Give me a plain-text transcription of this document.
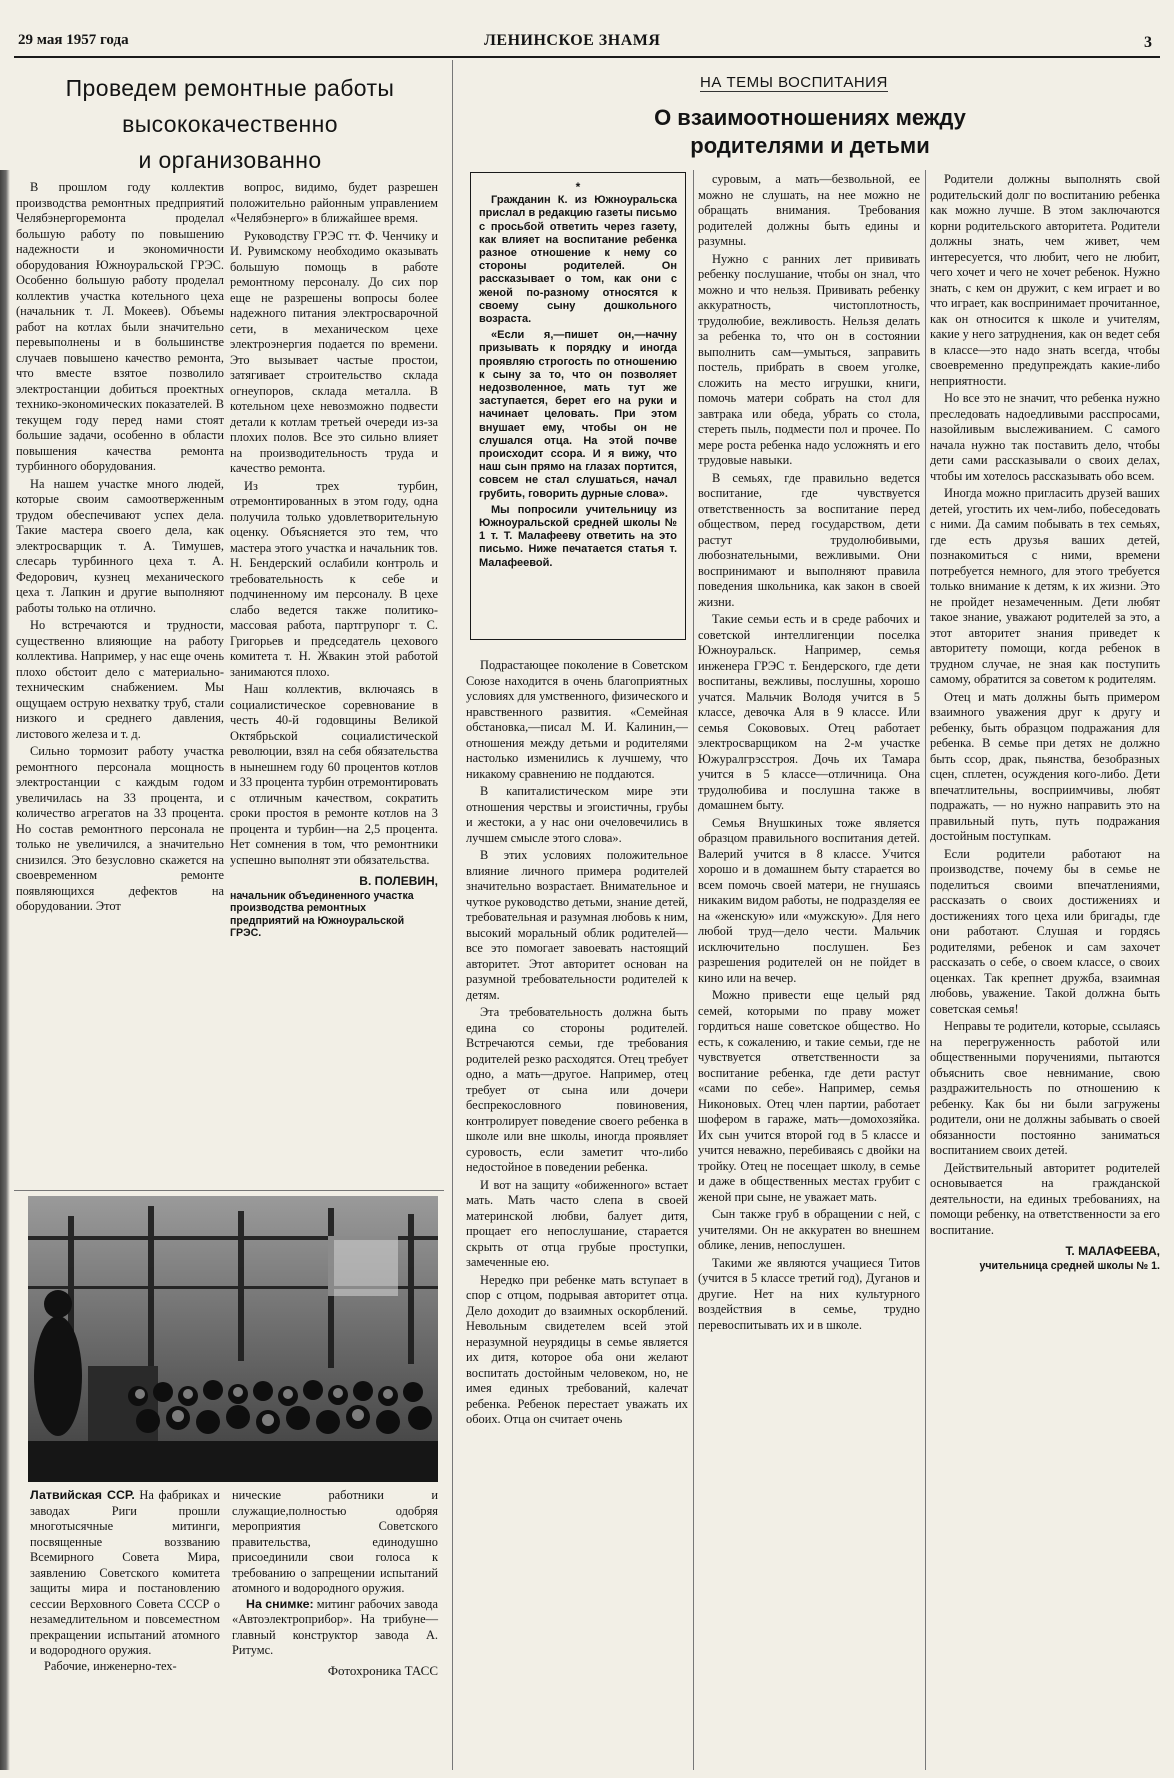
29 мая 1957 года	ЛЕНИНСКОЕ ЗНАМЯ	3
Проведем ремонтные работы
высококачественно
и организованно

В прошлом году коллектив производства ремонтных предприятий Челябэнергоремонта проделал большую работу по повышению надежности и экономичности оборудования Южноуральской ГРЭС. Особенно большую работу проделал коллектив участка котельного цеха (начальник т. Л. Мокеев). Объемы работ на котлах были значительно перевыполнены и в большинстве случаев повышено качество ремонта, что вместе взятое позволило электростанции добиться проектных технико-экономических показателей. В текущем году перед нами стоят большие задачи, особенно в области повышения качества ремонта турбинного оборудования.

На нашем участке много людей, которые своим самоотверженным трудом обеспечивают успех дела. Такие мастера своего дела, как электросварщик т. А. Тимушев, слесарь турбинного цеха т. А. Федорович, кузнец механического цеха т. Лапкин и другие выполняют работы только на отлично.

Но встречаются и трудности, существенно влияющие на работу коллектива. Например, у нас еще очень плохо обстоит дело с материально-техническим снабжением. Мы ощущаем острую нехватку труб, стали низкого и среднего давления, листового железа и т. д.

Сильно тормозит работу участка ремонтного персонала мощность электростанции с каждым годом увеличилась на 33 процента, и количество агрегатов на 33 процента. Но состав ремонтного персонала не только не увеличился, а значительно снизился. Это безусловно скажется на своевременном ремонте появляющихся дефектов на оборудовании. Этот

вопрос, видимо, будет разрешен положительно районным управлением «Челябэнерго» в ближайшее время.

Руководству ГРЭС тт. Ф. Ченчику и И. Рувимскому необходимо оказывать большую помощь в работе ремонтному персоналу. До сих пор еще не разрешены вопросы более надежного питания электросварочной сети, в механическом цехе электроэнергия подается по времени. Это вызывает частые простои, затягивает строительство склада огнеупоров, склада металла. В котельном цехе невозможно подвести детали к котлам третьей очереди из-за плохих полов. Все это сильно влияет на производительность труда и качество ремонта.

Из трех турбин, отремонтированных в этом году, одна получила только удовлетворительную оценку. Объясняется это тем, что мастера этого участка и начальник тов. Н. Бендерский ослабили контроль и требовательность к себе и подчиненному им персоналу. В цехе слабо ведется также политико-массовая работа, партгрупорг т. С. Григорьев и председатель цехового комитета т. Н. Жвакин этой работой занимаются плохо.

Наш коллектив, включаясь в социалистическое соревнование в честь 40-й годовщины Великой Октябрьской социалистической революции, взял на себя обязательства в нынешнем году 60 процентов котлов и 33 процента турбин отремонтировать с отличным качеством, сократить сроки простоя в ремонте котлов на 3 процента и турбин—на 2,5 процента. Нет сомнения в том, что ремонтники успешно выполнят эти обязательства.

В. ПОЛЕВИН,
начальник объединенного участка производства ремонтных предприятий на Южноуральской ГРЭС.
Латвийская ССР. На фабриках и заводах Риги прошли многотысячные митинги, посвященные воззванию Всемирного Совета Мира, заявлению Советского комитета защиты мира и постановлению сессии Верховного Совета СССР о незамедлительном и повсеместном прекращении испытаний атомного и водородного оружия.
Рабочие, инженерно-тех-
нические работники и служащие,полностью одобряя мероприятия Советского правительства, единодушно присоединили свои голоса к требованию о запрещении испытаний атомного и водородного оружия.
На снимке: митинг рабочих завода «Автоэлектроприбор». На трибуне—главный конструктор завода А. Ритумс.
Фотохроника ТАСС
НА ТЕМЫ ВОСПИТАНИЯ
О взаимоотношениях между
родителями и детьми
*

Гражданин К. из Южноуральска прислал в редакцию газеты письмо с просьбой ответить через газету, как влияет на воспитание ребенка разное отношение к нему со стороны родителей. Он рассказывает о том, как они с женой по-разному относятся к своему сыну дошкольного возраста.

«Если я,—пишет он,—начну призывать к порядку и иногда проявляю строгость по отношению к сыну за то, что он позволяет недозволенное, мать тут же заступается, берет его на руки и начинает целовать. При этом внушает ему, чтобы он не слушался отца. На этой почве происходит ссора. И я вижу, что наш сын прямо на глазах портится, совсем не стал слушаться, начал грубить, говорить дурные слова».

Мы попросили учительницу из Южноуральской средней школы № 1 т. Т. Малафееву ответить на это письмо. Ниже печатается статья т. Малафеевой.

Подрастающее поколение в Советском Союзе находится в очень благоприятных условиях для умственного, физического и нравственного развития. «Семейная обстановка,—писал М. И. Калинин,—отношения между детьми и родителями настолько изменились к лучшему, что никакому сравнению не поддаются.

В капиталистическом мире эти отношения черствы и эгоистичны, грубы и жестоки, а у нас они очеловечились в лучшем смысле этого слова».

В этих условиях положительное влияние личного примера родителей значительно возрастает. Внимательное и чуткое руководство детьми, знание детей, требовательная и разумная любовь к ним, высокий моральный облик родителей—все это помогает завоевать настоящий авторитет. Этот авторитет основан на разумной требовательности родителей к детям.

Эта требовательность должна быть едина со стороны родителей. Встречаются семьи, где требования родителей резко расходятся. Отец требует одно, а мать—другое. Например, отец требует от сына или дочери беспрекословного повиновения, контролирует поведение своего ребенка в школе или вне школы, иногда проявляет суровость, если заметит что-либо недостойное в поведении ребенка.

И вот на защиту «обиженного» встает мать. Мать часто слепа в своей материнской любви, балует дитя, прощает его непослушание, старается скрыть от отца грубые проступки, замеченные ею.

Нередко при ребенке мать вступает в спор с отцом, подрывая авторитет отца. Дело доходит до взаимных оскорблений. Невольным свидетелем всей этой неразумной неурядицы в семье является их дитя, которое оба они желают воспитать достойным человеком, но, не имея единых требований, калечат ребенка. Ребенок перестает уважать их обоих. Отца он считает очень

суровым, а мать—безвольной, ее можно не слушать, на нее можно не обращать внимания. Требования родителей должны быть едины и разумны.

Нужно с ранних лет прививать ребенку послушание, чтобы он знал, что можно и что нельзя. Прививать ребенку аккуратность, чистоплотность, трудолюбие, вежливость. Нельзя делать за ребенка то, что он в состоянии выполнить сам—умыться, заправить постель, прибрать в своем уголке, сложить на место игрушки, книги, помочь матери собрать на стол для завтрака или обеда, убрать со стола, стереть пыль, подмести пол и прочее. По мере роста ребенка надо усложнять и его трудовые навыки.

В семьях, где правильно ведется воспитание, где чувствуется ответственность за воспитание перед обществом, перед государством, дети растут трудолюбивыми, любознательными, вежливыми. Они воспринимают и выполняют правила поведения школьника, как закон в своей жизни.

Такие семьи есть и в среде рабочих и советской интеллигенции поселка Южноуральск. Например, семья инженера ГРЭС т. Бендерского, где дети воспитаны, вежливы, послушны, хорошо учатся. Мальчик Володя учится в 5 классе, девочка Аля в 9 классе. Или семья Сокововых. Отец работает электросварщиком на 2-м участке Южуралгрэсстроя. Дочь их Тамара учится в 5 классе—отличница. Она трудолюбива и послушна также в домашнем быту.

Семья Внушкиных тоже является образцом правильного воспитания детей. Валерий учится в 8 классе. Учится хорошо и в домашнем быту старается во всем помочь своей матери, не гнушаясь никаким видом работы, не подразделяя ее на «женскую» или «мужскую». Для него любой труд—дело чести. Мальчик исключительно послушен. Без разрешения родителей он не пойдет в кино или на вечер.

Можно привести еще целый ряд семей, которыми по праву может гордиться наше советское общество. Но есть, к сожалению, и такие семьи, где не чувствуется ответственности за воспитание ребенка, где дети растут «сами по себе». Например, семья Никоновых. Отец член партии, работает шофером в гараже, мать—домохозяйка. Их сын учится второй год в 5 классе и учится неважно, перебиваясь с двойки на тройку. Отец не посещает школу, в семье и даже в общественных местах грубит с женой при сыне, не уважает мать.

Сын также груб в обращении с ней, с учителями. Он не аккуратен во внешнем облике, ленив, непослушен.

Такими же являются учащиеся Титов (учится в 5 классе третий год), Дуганов и другие. Нет на них культурного воздействия в семье, трудно перевоспитывать их и в школе.

Родители должны выполнять свой родительский долг по воспитанию ребенка как можно лучше. В этом заключаются корни родительского авторитета. Родители должны знать, чем живет, чем интересуется, что любит, чего не любит, чего хочет и чего не хочет ребенок. Нужно знать, с кем он дружит, с кем играет и во что играет, как воспринимает прочитанное, как он относится к школе и учителям, какие у него затруднения, как он ведет себя в классе—это надо знать всегда, чтобы своевременно предупреждать какие-либо неприятности.

Но все это не значит, что ребенка нужно преследовать надоедливыми расспросами, назойливым выслеживанием. С самого начала нужно так поставить дело, чтобы дети сами рассказывали о своих делах, чтобы им хотелось рассказывать обо всем.

Иногда можно пригласить друзей ваших детей, угостить их чем-либо, побеседовать с ними. Да самим побывать в тех семьях, где есть друзья ваших детей, познакомиться с ними, времени потребуется немного, для этого требуется только внимание к детям, к их жизни. Это не пройдет незамеченным. Дети любят такое знание, уважают родителей за это, а этот авторитет знания приведет к авторитету помощи, когда ребенок в трудном случае, не зная как поступить самому, обратится за советом к родителям.

Отец и мать должны быть примером взаимного уважения друг к другу и ребенку, быть образцом подражания для ребенка. В семье при детях не должно быть ссор, драк, пьянства, безобразных сцен, сплетен, осуждения кого-либо. Дети впечатлительны, восприимчивы, любят подражать, — но нужно направить это на правильный путь, путь подражания достойным поступкам.

Если родители работают на производстве, почему бы в семье не поделиться своими впечатлениями, рассказать о своих достижениях и достижениях того цеха или бригады, где они работают. Слушая и гордясь родителями, ребенок и сам захочет рассказать о себе, о своем классе, о своих оценках. Так крепнет дружба, взаимная любовь, уважение. Такой должна быть советская семья!

Неправы те родители, которые, ссылаясь на перегруженность работой или общественными поручениями, пытаются объяснить свое невнимание, свою раздражительность по отношению к ребенку. Как бы ни были загружены родители, они не должны забывать о своей обязанности постоянно заниматься воспитанием своих детей.

Действительный авторитет родителей основывается на гражданской деятельности, на единых требованиях, на помощи ребенку, на ответственности за его воспитание.

Т. МАЛАФЕЕВА,
учительница средней школы № 1.
